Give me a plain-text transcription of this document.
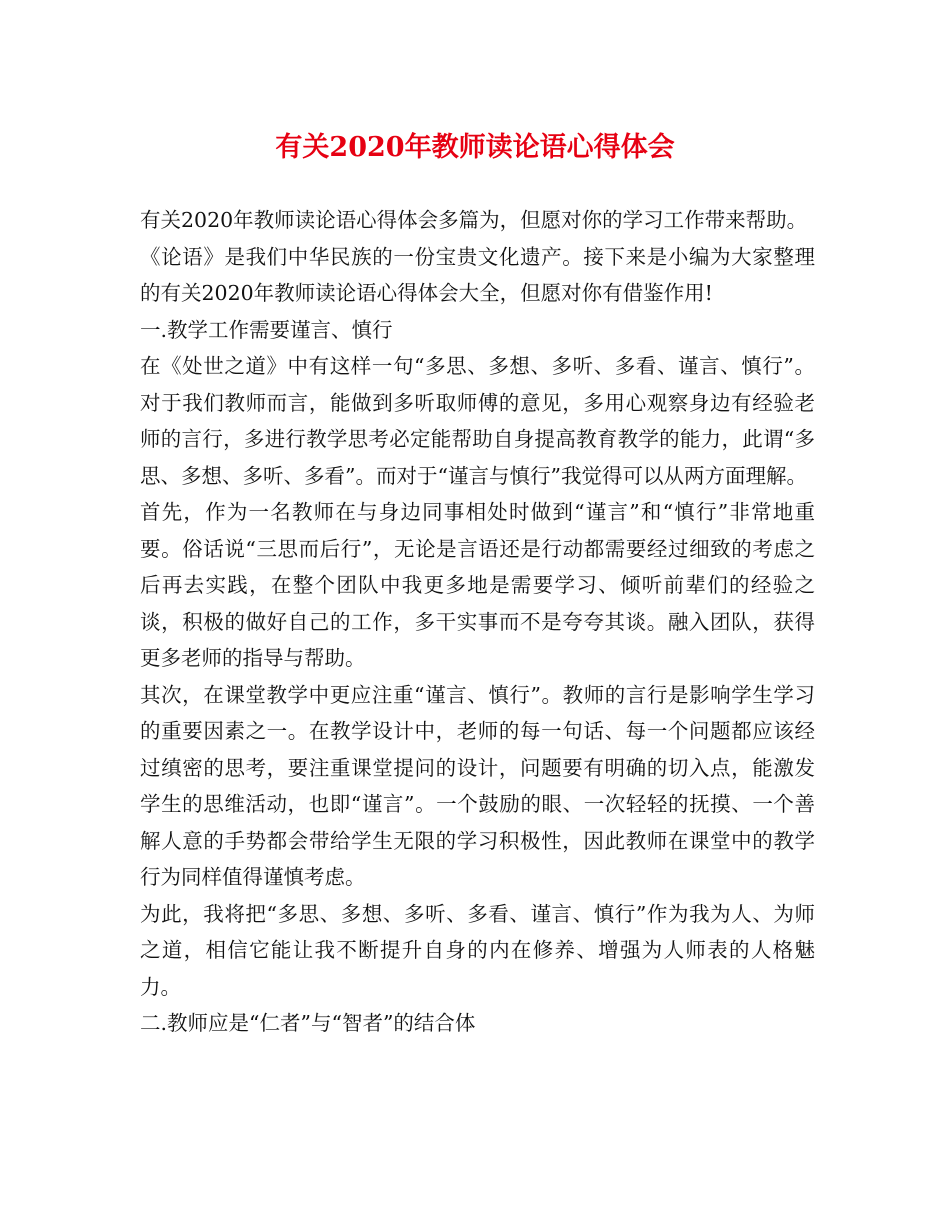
有关2020年教师读论语心得体会

有关2020年教师读论语心得体会多篇为，但愿对你的学习工作带来帮助。

《论语》是我们中华民族的一份宝贵文化遗产。接下来是小编为大家整理的有关2020年教师读论语心得体会大全，但愿对你有借鉴作用!

一.教学工作需要谨言、慎行

在《处世之道》中有这样一句“多思、多想、多听、多看、谨言、慎行”。对于我们教师而言，能做到多听取师傅的意见，多用心观察身边有经验老师的言行，多进行教学思考必定能帮助自身提高教育教学的能力，此谓“多思、多想、多听、多看”。而对于“谨言与慎行”我觉得可以从两方面理解。

首先，作为一名教师在与身边同事相处时做到“谨言”和“慎行”非常地重要。俗话说“三思而后行”，无论是言语还是行动都需要经过细致的考虑之后再去实践，在整个团队中我更多地是需要学习、倾听前辈们的经验之谈，积极的做好自己的工作，多干实事而不是夸夸其谈。融入团队，获得更多老师的指导与帮助。

其次，在课堂教学中更应注重“谨言、慎行”。教师的言行是影响学生学习的重要因素之一。在教学设计中，老师的每一句话、每一个问题都应该经过缜密的思考，要注重课堂提问的设计，问题要有明确的切入点，能激发学生的思维活动，也即“谨言”。一个鼓励的眼、一次轻轻的抚摸、一个善解人意的手势都会带给学生无限的学习积极性，因此教师在课堂中的教学行为同样值得谨慎考虑。

为此，我将把“多思、多想、多听、多看、谨言、慎行”作为我为人、为师之道，相信它能让我不断提升自身的内在修养、增强为人师表的人格魅力。

二.教师应是“仁者”与“智者”的结合体
